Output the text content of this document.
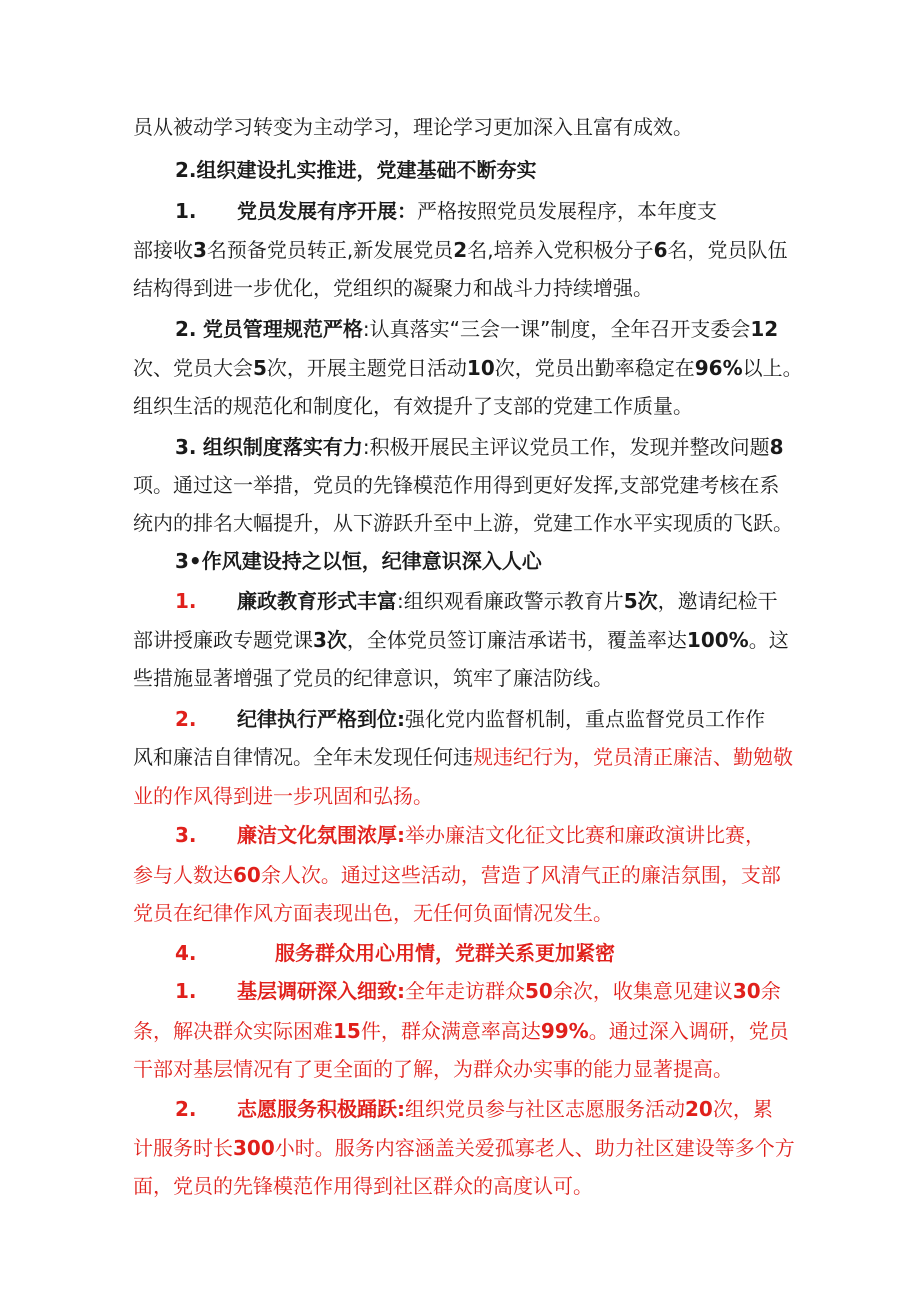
员从被动学习转变为主动学习，理论学习更加深入且富有成效。
2.组织建设扎实推进，党建基础不断夯实
1. 党员发展有序开展：严格按照党员发展程序，本年度支
部接收3名预备党员转正,新发展党员2名,培养入党积极分子6名，党员队伍
结构得到进一步优化，党组织的凝聚力和战斗力持续增强。
2. 党员管理规范严格:认真落实“三会一课”制度，全年召开支委会12
次、党员大会5次，开展主题党日活动10次，党员出勤率稳定在96%以上。
组织生活的规范化和制度化，有效提升了支部的党建工作质量。
3. 组织制度落实有力:积极开展民主评议党员工作，发现并整改问题8
项。通过这一举措，党员的先锋模范作用得到更好发挥,支部党建考核在系
统内的排名大幅提升，从下游跃升至中上游，党建工作水平实现质的飞跃。
3•作风建设持之以恒，纪律意识深入人心
1. 廉政教育形式丰富:组织观看廉政警示教育片5次，邀请纪检干
部讲授廉政专题党课3次，全体党员签订廉洁承诺书，覆盖率达100%。这
些措施显著增强了党员的纪律意识，筑牢了廉洁防线。
2. 纪律执行严格到位:强化党内监督机制，重点监督党员工作作
风和廉洁自律情况。全年未发现任何违规违纪行为，党员清正廉洁、勤勉敬
业的作风得到进一步巩固和弘扬。
3. 廉洁文化氛围浓厚:举办廉洁文化征文比赛和廉政演讲比赛，
参与人数达60余人次。通过这些活动，营造了风清气正的廉洁氛围，支部
党员在纪律作风方面表现出色，无任何负面情况发生。
4.	服务群众用心用情，党群关系更加紧密
1. 基层调研深入细致:全年走访群众50余次，收集意见建议30余
条，解决群众实际困难15件，群众满意率高达99%。通过深入调研，党员
干部对基层情况有了更全面的了解，为群众办实事的能力显著提高。
2. 志愿服务积极踊跃:组织党员参与社区志愿服务活动20次，累
计服务时长300小时。服务内容涵盖关爱孤寡老人、助力社区建设等多个方
面，党员的先锋模范作用得到社区群众的高度认可。
